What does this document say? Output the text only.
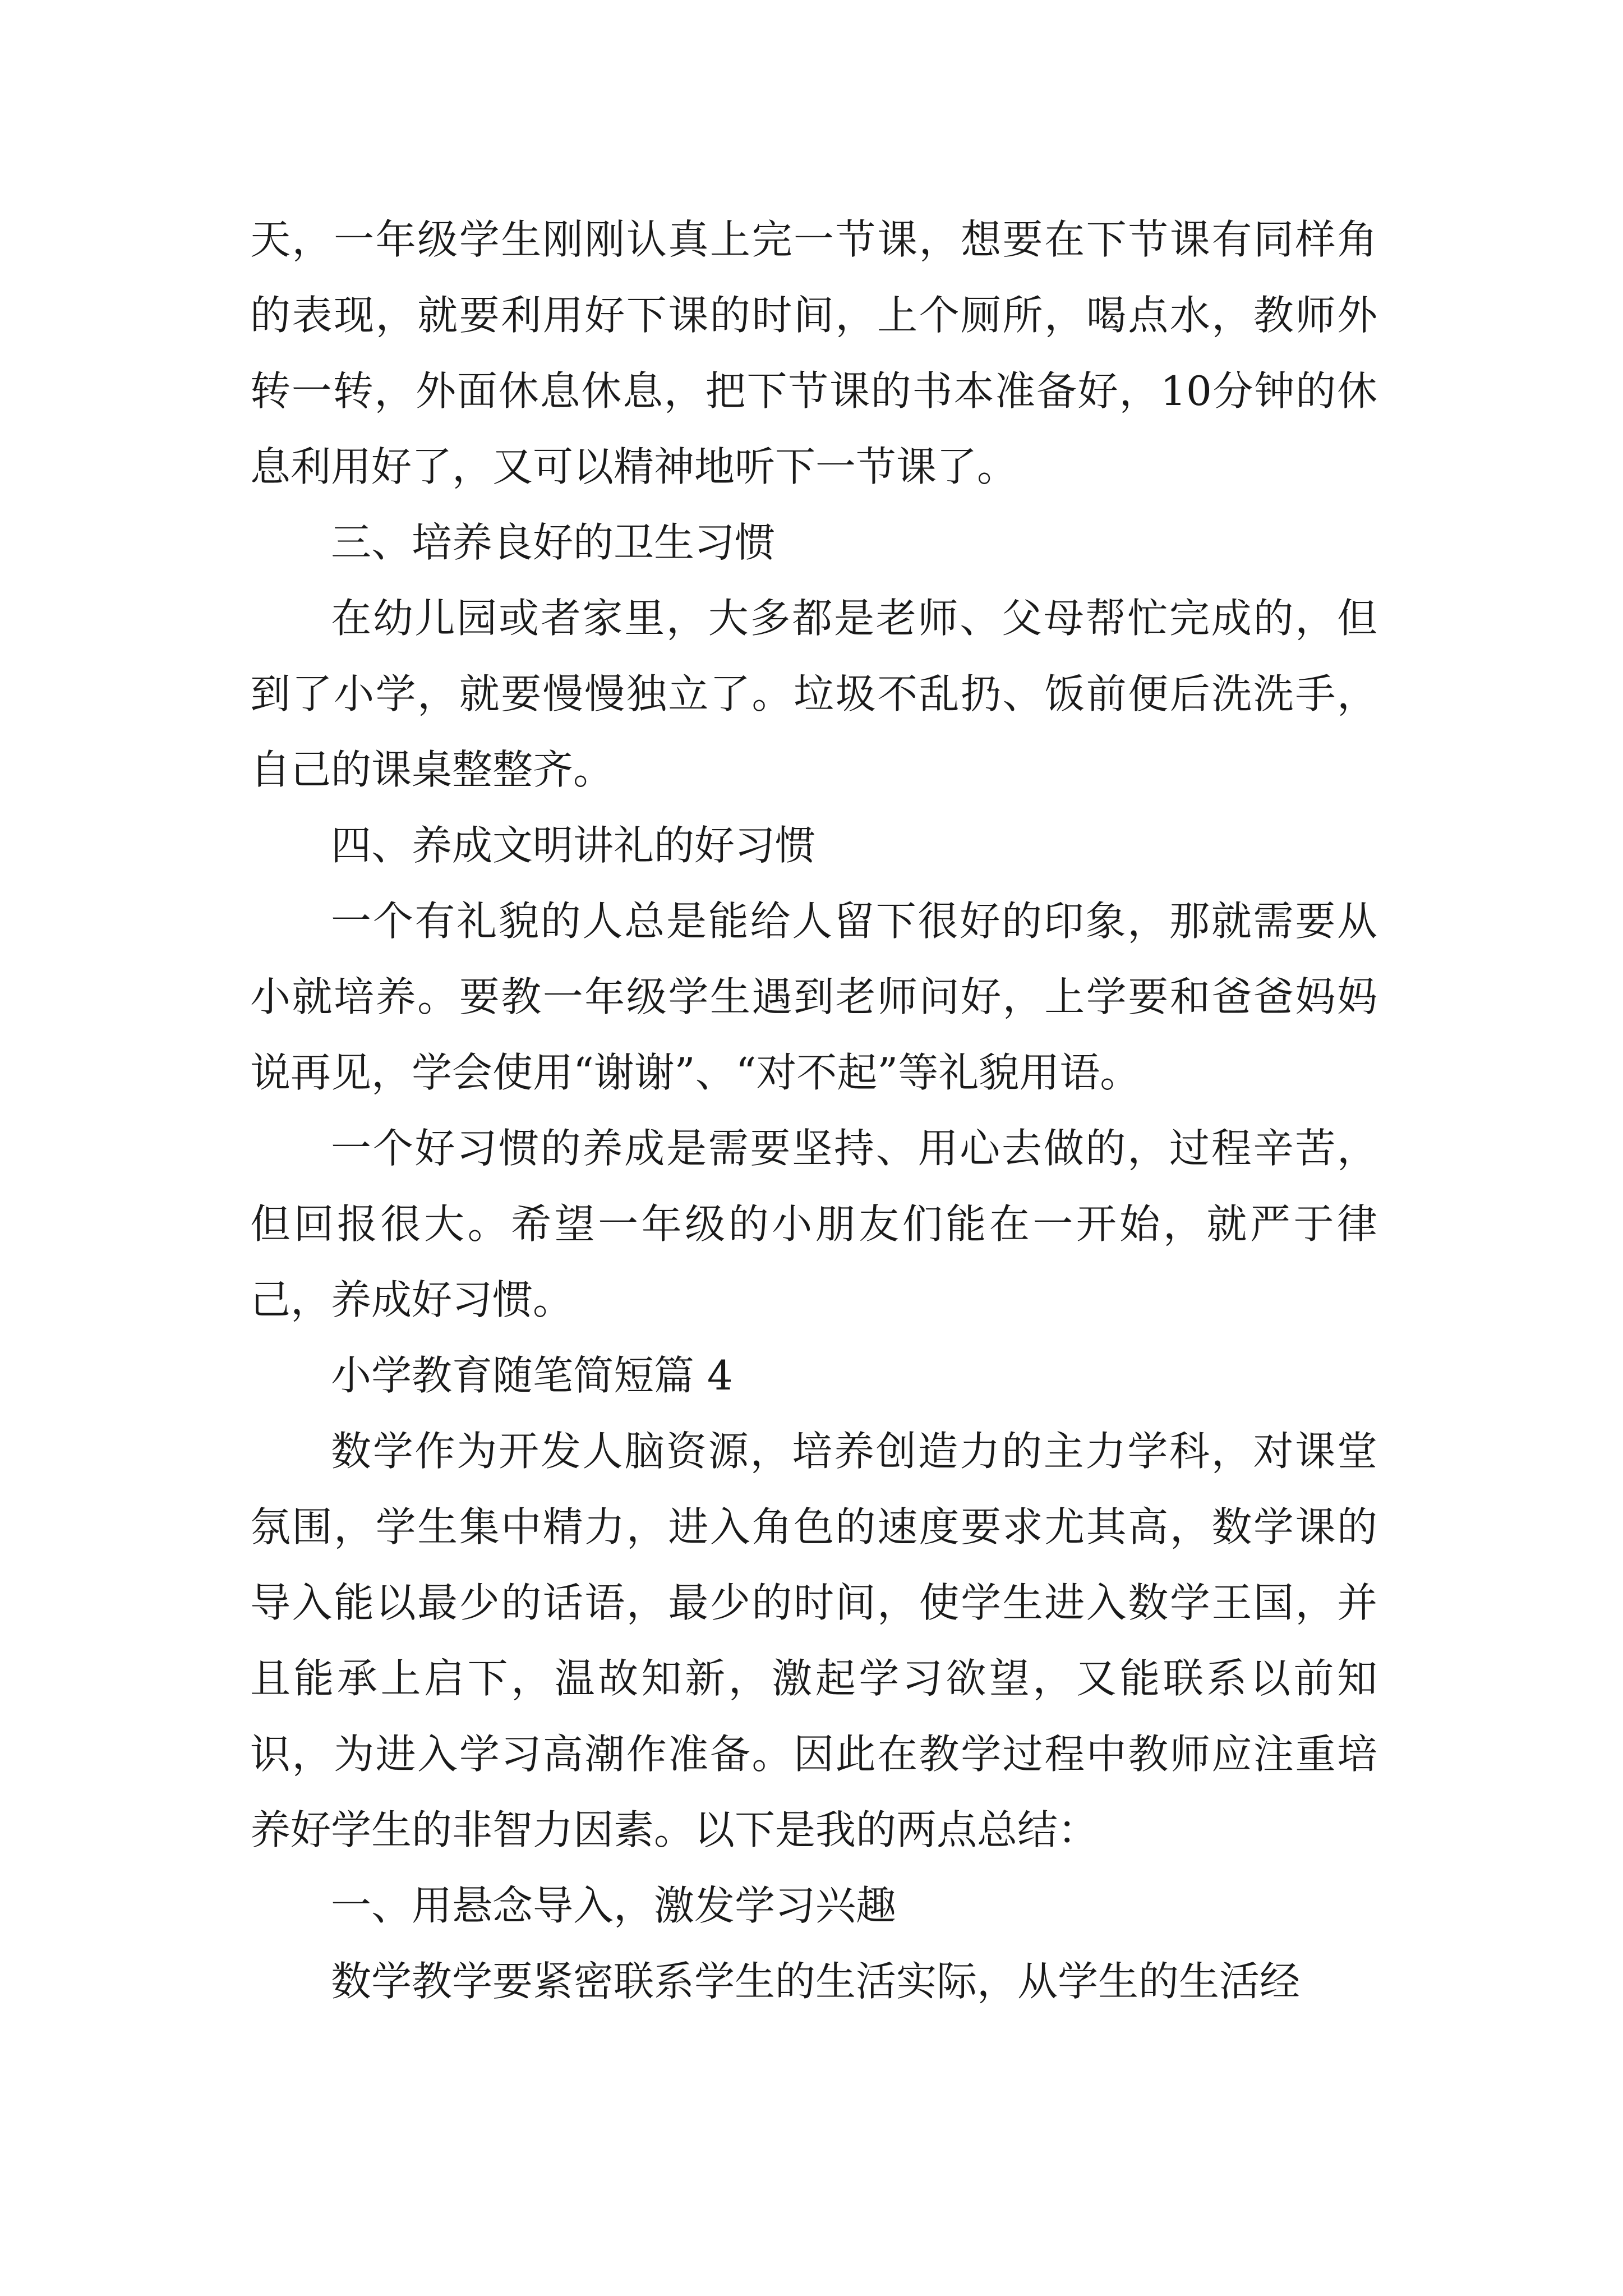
天，一年级学生刚刚认真上完一节课，想要在下节课有同样角的表现，就要利用好下课的时间，上个厕所，喝点水，教师外转一转，外面休息休息，把下节课的书本准备好，10分钟的休息利用好了，又可以精神地听下一节课了。

三、培养良好的卫生习惯

在幼儿园或者家里，大多都是老师、父母帮忙完成的，但到了小学，就要慢慢独立了。垃圾不乱扔、饭前便后洗洗手，自己的课桌整整齐。

四、养成文明讲礼的好习惯

一个有礼貌的人总是能给人留下很好的印象，那就需要从小就培养。要教一年级学生遇到老师问好，上学要和爸爸妈妈说再见，学会使用“谢谢”、“对不起”等礼貌用语。

一个好习惯的养成是需要坚持、用心去做的，过程辛苦，但回报很大。希望一年级的小朋友们能在一开始，就严于律己，养成好习惯。

小学教育随笔简短篇 4

数学作为开发人脑资源，培养创造力的主力学科，对课堂氛围，学生集中精力，进入角色的速度要求尤其高，数学课的导入能以最少的话语，最少的时间，使学生进入数学王国，并且能承上启下，温故知新，激起学习欲望，又能联系以前知识，为进入学习高潮作准备。因此在教学过程中教师应注重培养好学生的非智力因素。以下是我的两点总结：

一、用悬念导入，激发学习兴趣

数学教学要紧密联系学生的生活实际，从学生的生活经
